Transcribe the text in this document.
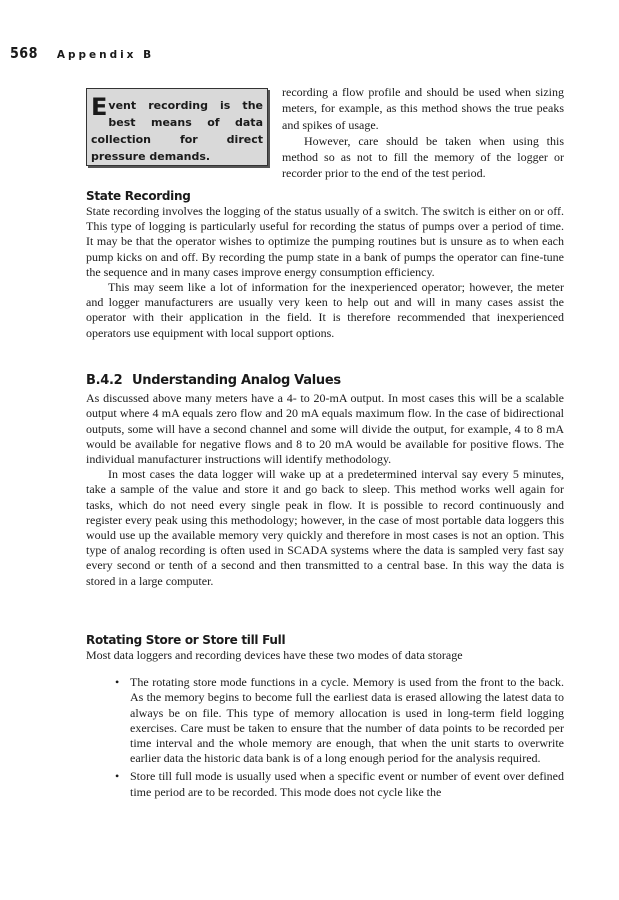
568 Appendix B
Event recording is the best means of data collection for direct pressure demands.

recording a flow profile and should be used when sizing meters, for example, as this method shows the true peaks and spikes of usage.

However, care should be taken when using this method so as not to fill the memory of the logger or recorder prior to the end of the test period.

State Recording

State recording involves the logging of the status usually of a switch. The switch is either on or off. This type of logging is particularly useful for recording the status of pumps over a period of time. It may be that the operator wishes to optimize the pumping routines but is unsure as to when each pump kicks on and off. By recording the pump state in a bank of pumps the operator can fine-tune the sequence and in many cases improve energy consumption efficiency.

This may seem like a lot of information for the inexperienced operator; however, the meter and logger manufacturers are usually very keen to help out and will in many cases assist the operator with their application in the field. It is therefore recommended that inexperienced operators use equipment with local support options.

B.4.2 Understanding Analog Values

As discussed above many meters have a 4- to 20-mA output. In most cases this will be a scalable output where 4 mA equals zero flow and 20 mA equals maximum flow. In the case of bidirectional outputs, some will have a second channel and some will divide the output, for example, 4 to 8 mA would be available for negative flows and 8 to 20 mA would be available for positive flows. The individual manufacturer instructions will identify methodology.

In most cases the data logger will wake up at a predetermined interval say every 5 minutes, take a sample of the value and store it and go back to sleep. This method works well again for tasks, which do not need every single peak in flow. It is possible to record continuously and register every peak using this methodology; however, in the case of most portable data loggers this would use up the available memory very quickly and therefore in most cases is not an option. This type of analog recording is often used in SCADA systems where the data is sampled very fast say every second or tenth of a second and then transmitted to a central base. In this way the data is stored in a large computer.

Rotating Store or Store till Full

Most data loggers and recording devices have these two modes of data storage

• The rotating store mode functions in a cycle. Memory is used from the front to the back. As the memory begins to become full the earliest data is erased allowing the latest data to always be on file. This type of memory allocation is used in long-term field logging exercises. Care must be taken to ensure that the number of data points to be recorded per time interval and the whole memory are enough, that when the unit starts to overwrite earlier data the historic data bank is of a long enough period for the analysis required.
• Store till full mode is usually used when a specific event or number of event over defined time period are to be recorded. This mode does not cycle like the
